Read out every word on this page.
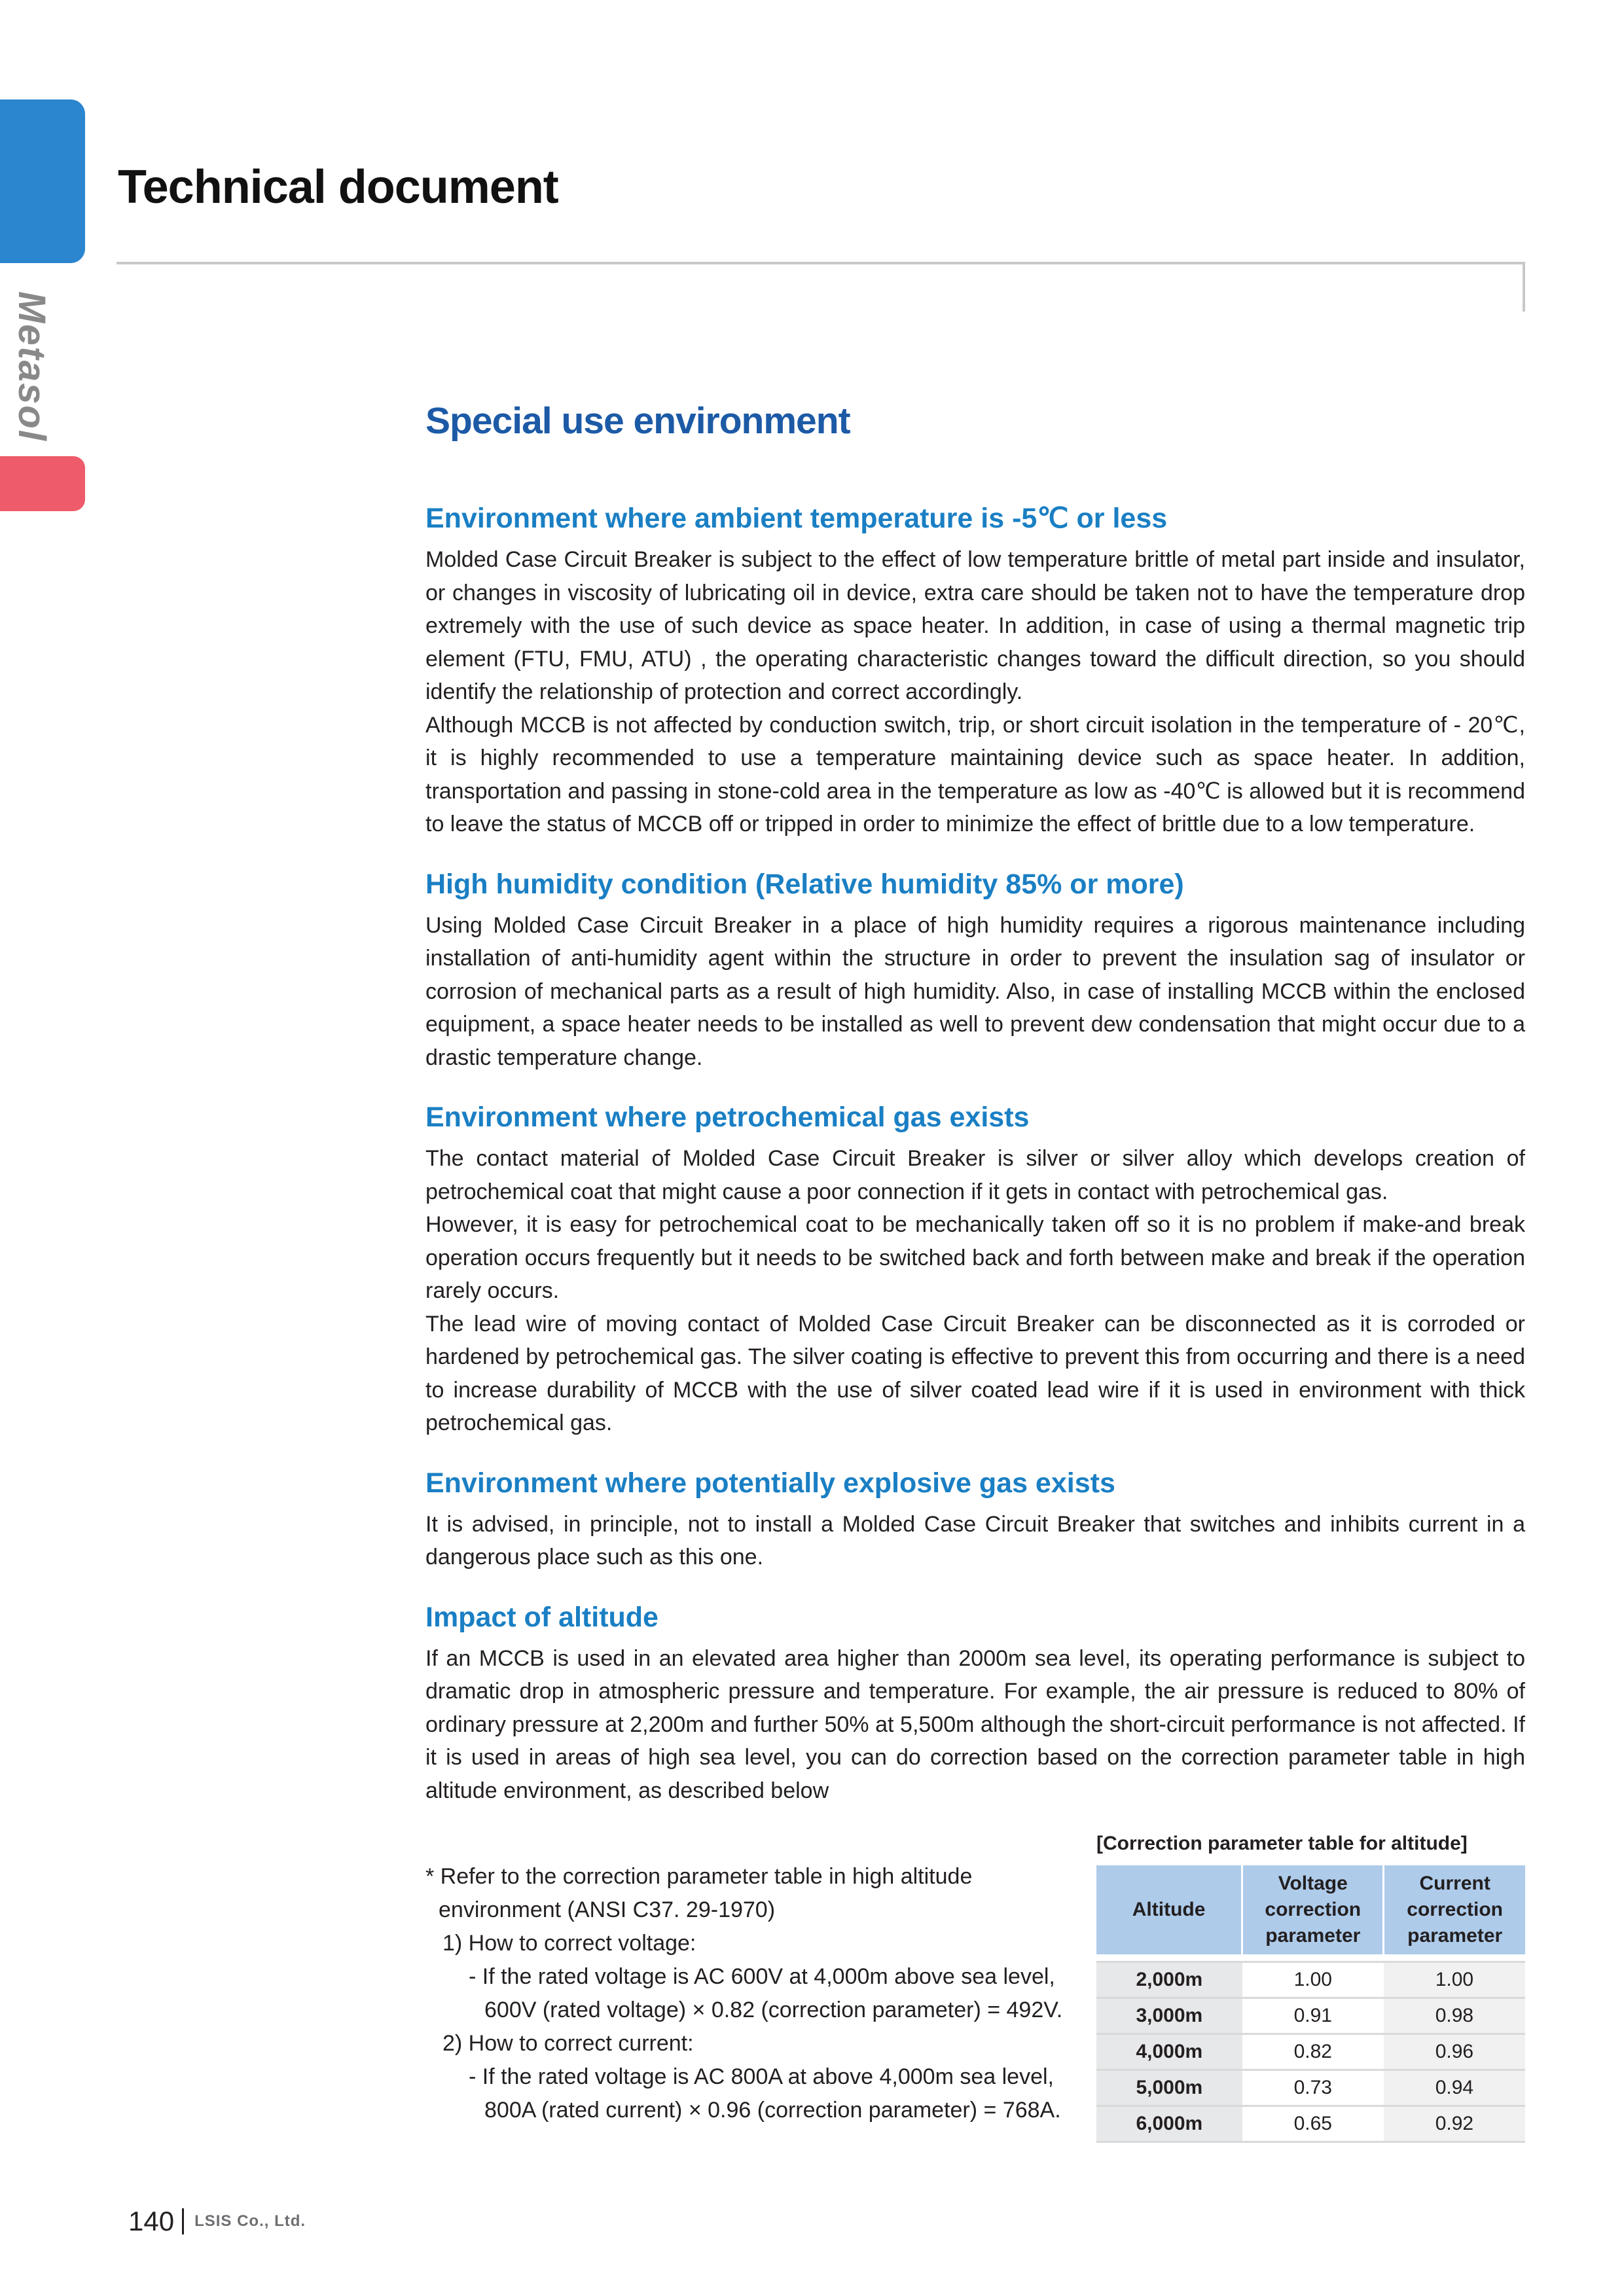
Metasol
Technical document
Special use environment
Environment where ambient temperature is -5℃ or less

Molded Case Circuit Breaker is subject to the effect of low temperature brittle of metal part inside and insulator, or changes in viscosity of lubricating oil in device, extra care should be taken not to have the temperature drop extremely with the use of such device as space heater. In addition, in case of using a thermal magnetic trip element (FTU, FMU, ATU) , the operating characteristic changes toward the difficult direction, so you should identify the relationship of protection and correct accordingly.

Although MCCB is not affected by conduction switch, trip, or short circuit isolation in the temperature of - 20℃, it is highly recommended to use a temperature maintaining device such as space heater. In addition, transportation and passing in stone-cold area in the temperature as low as -40℃ is allowed but it is recommend to leave the status of MCCB off or tripped in order to minimize the effect of brittle due to a low temperature.

High humidity condition (Relative humidity 85% or more)

Using Molded Case Circuit Breaker in a place of high humidity requires a rigorous maintenance including installation of anti-humidity agent within the structure in order to prevent the insulation sag of insulator or corrosion of mechanical parts as a result of high humidity. Also, in case of installing MCCB within the enclosed equipment, a space heater needs to be installed as well to prevent dew condensation that might occur due to a drastic temperature change.

Environment where petrochemical gas exists

The contact material of Molded Case Circuit Breaker is silver or silver alloy which develops creation of petrochemical coat that might cause a poor connection if it gets in contact with petrochemical gas.

However, it is easy for petrochemical coat to be mechanically taken off so it is no problem if make-and break operation occurs frequently but it needs to be switched back and forth between make and break if the operation rarely occurs.

The lead wire of moving contact of Molded Case Circuit Breaker can be disconnected as it is corroded or hardened by petrochemical gas. The silver coating is effective to prevent this from occurring and there is a need to increase durability of MCCB with the use of silver coated lead wire if it is used in environment with thick petrochemical gas.

Environment where potentially explosive gas exists

It is advised, in principle, not to install a Molded Case Circuit Breaker that switches and inhibits current in a dangerous place such as this one.

Impact of altitude

If an MCCB is used in an elevated area higher than 2000m sea level, its operating performance is subject to dramatic drop in atmospheric pressure and temperature. For example, the air pressure is reduced to 80% of ordinary pressure at 2,200m and further 50% at 5,500m although the short-circuit performance is not affected. If it is used in areas of high sea level, you can do correction based on the correction parameter table in high altitude environment, as described below

* Refer to the correction parameter table in high altitude
environment (ANSI C37. 29-1970)
1) How to correct voltage:
- If the rated voltage is AC 600V at 4,000m above sea level,
600V (rated voltage) × 0.82 (correction parameter) = 492V.
2) How to correct current:
- If the rated voltage is AC 800A at above 4,000m sea level,
800A (rated current) × 0.96 (correction parameter) = 768A.
[Correction parameter table for altitude]
Altitude	Voltage correction parameter	Current correction parameter

2,000m	1.00	1.00
3,000m	0.91	0.98
4,000m	0.82	0.96
5,000m	0.73	0.94
6,000m	0.65	0.92
140 LSIS Co., Ltd.
